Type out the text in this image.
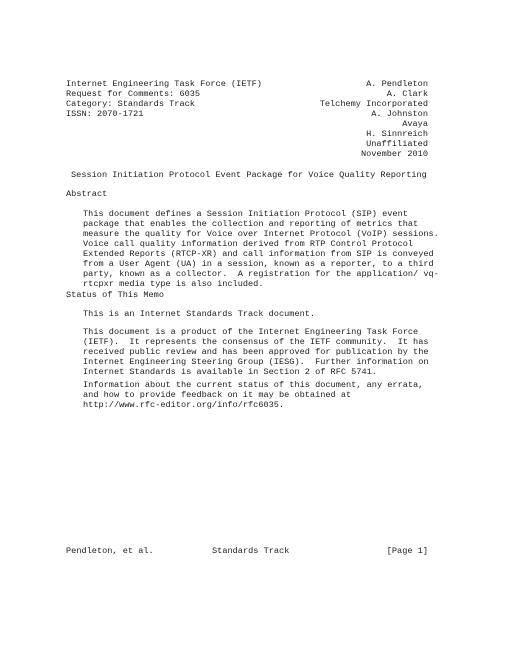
Internet Engineering Task Force (IETF)	A. Pendleton
Request for Comments: 6035	A. Clark
Category: Standards Track	Telchemy Incorporated
ISSN: 2070-1721	A. Johnston
Avaya
H. Sinnreich
Unaffiliated
November 2010
Session Initiation Protocol Event Package for Voice Quality Reporting
Abstract
This document defines a Session Initiation Protocol (SIP) event
package that enables the collection and reporting of metrics that
measure the quality for Voice over Internet Protocol (VoIP) sessions.
Voice call quality information derived from RTP Control Protocol
Extended Reports (RTCP-XR) and call information from SIP is conveyed
from a User Agent (UA) in a session, known as a reporter, to a third
party, known as a collector.  A registration for the application/ vq-
rtcpxr media type is also included.
Status of This Memo
This is an Internet Standards Track document.
This document is a product of the Internet Engineering Task Force
(IETF).  It represents the consensus of the IETF community.  It has
received public review and has been approved for publication by the
Internet Engineering Steering Group (IESG).  Further information on
Internet Standards is available in Section 2 of RFC 5741.
Information about the current status of this document, any errata,
and how to provide feedback on it may be obtained at
http://www.rfc-editor.org/info/rfc6035.

Pendleton, et al.

	Standards Track

	[Page 1]
